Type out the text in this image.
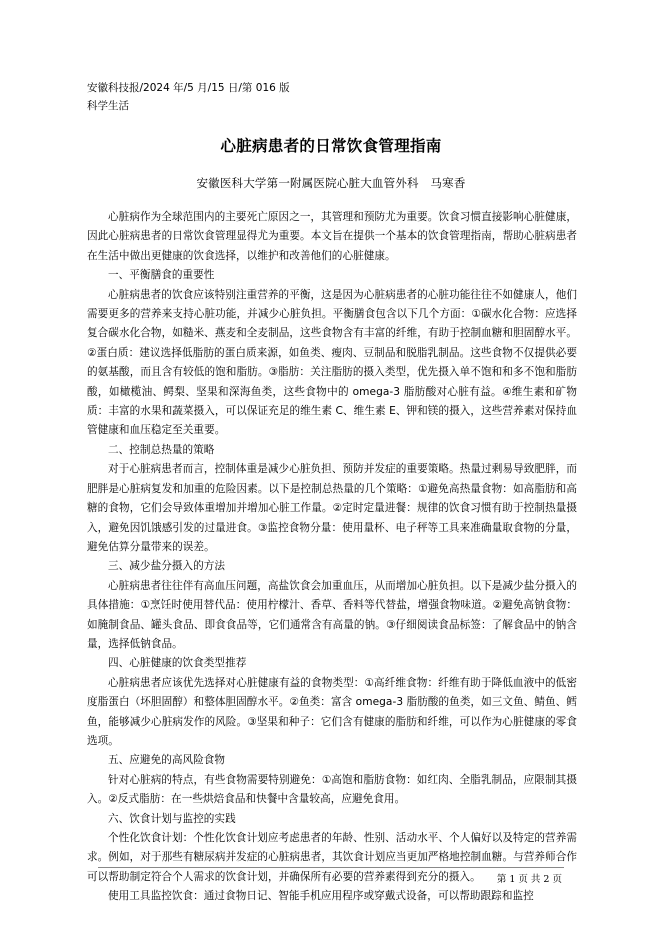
安徽科技报/2024 年/5 月/15 日/第 016 版
科学生活
心脏病患者的日常饮食管理指南
安徽医科大学第一附属医院心脏大血管外科　马寒香

心脏病作为全球范围内的主要死亡原因之一，其管理和预防尤为重要。饮食习惯直接影响心脏健康，因此心脏病患者的日常饮食管理显得尤为重要。本文旨在提供一个基本的饮食管理指南，帮助心脏病患者在生活中做出更健康的饮食选择，以维护和改善他们的心脏健康。

一、平衡膳食的重要性

心脏病患者的饮食应该特别注重营养的平衡，这是因为心脏病患者的心脏功能往往不如健康人，他们需要更多的营养来支持心脏功能，并减少心脏负担。平衡膳食包含以下几个方面：①碳水化合物：应选择复合碳水化合物，如糙米、燕麦和全麦制品，这些食物含有丰富的纤维，有助于控制血糖和胆固醇水平。②蛋白质：建议选择低脂肪的蛋白质来源，如鱼类、瘦肉、豆制品和脱脂乳制品。这些食物不仅提供必要的氨基酸，而且含有较低的饱和脂肪。③脂肪：关注脂肪的摄入类型，优先摄入单不饱和和多不饱和脂肪酸，如橄榄油、鳄梨、坚果和深海鱼类，这些食物中的 omega-3 脂肪酸对心脏有益。④维生素和矿物质：丰富的水果和蔬菜摄入，可以保证充足的维生素 C、维生素 E、钾和镁的摄入，这些营养素对保持血管健康和血压稳定至关重要。

二、控制总热量的策略

对于心脏病患者而言，控制体重是减少心脏负担、预防并发症的重要策略。热量过剩易导致肥胖，而肥胖是心脏病复发和加重的危险因素。以下是控制总热量的几个策略：①避免高热量食物：如高脂肪和高糖的食物，它们会导致体重增加并增加心脏工作量。②定时定量进餐：规律的饮食习惯有助于控制热量摄入，避免因饥饿感引发的过量进食。③监控食物分量：使用量杯、电子秤等工具来准确量取食物的分量，避免估算分量带来的误差。

三、减少盐分摄入的方法

心脏病患者往往伴有高血压问题，高盐饮食会加重血压，从而增加心脏负担。以下是减少盐分摄入的具体措施：①烹饪时使用替代品：使用柠檬汁、香草、香料等代替盐，增强食物味道。②避免高钠食物：如腌制食品、罐头食品、即食食品等，它们通常含有高量的钠。③仔细阅读食品标签：了解食品中的钠含量，选择低钠食品。

四、心脏健康的饮食类型推荐

心脏病患者应该优先选择对心脏健康有益的食物类型：①高纤维食物：纤维有助于降低血液中的低密度脂蛋白（坏胆固醇）和整体胆固醇水平。②鱼类：富含 omega-3 脂肪酸的鱼类，如三文鱼、鲭鱼、鳕鱼，能够减少心脏病发作的风险。③坚果和种子：它们含有健康的脂肪和纤维，可以作为心脏健康的零食选项。

五、应避免的高风险食物

针对心脏病的特点，有些食物需要特别避免：①高饱和脂肪食物：如红肉、全脂乳制品，应限制其摄入。②反式脂肪：在一些烘焙食品和快餐中含量较高，应避免食用。

六、饮食计划与监控的实践

个性化饮食计划：个性化饮食计划应考虑患者的年龄、性别、活动水平、个人偏好以及特定的营养需求。例如，对于那些有糖尿病并发症的心脏病患者，其饮食计划应当更加严格地控制血糖。与营养师合作可以帮助制定符合个人需求的饮食计划，并确保所有必要的营养素得到充分的摄入。

使用工具监控饮食：通过食物日记、智能手机应用程序或穿戴式设备，可以帮助跟踪和监控

第 1 页 共 2 页
